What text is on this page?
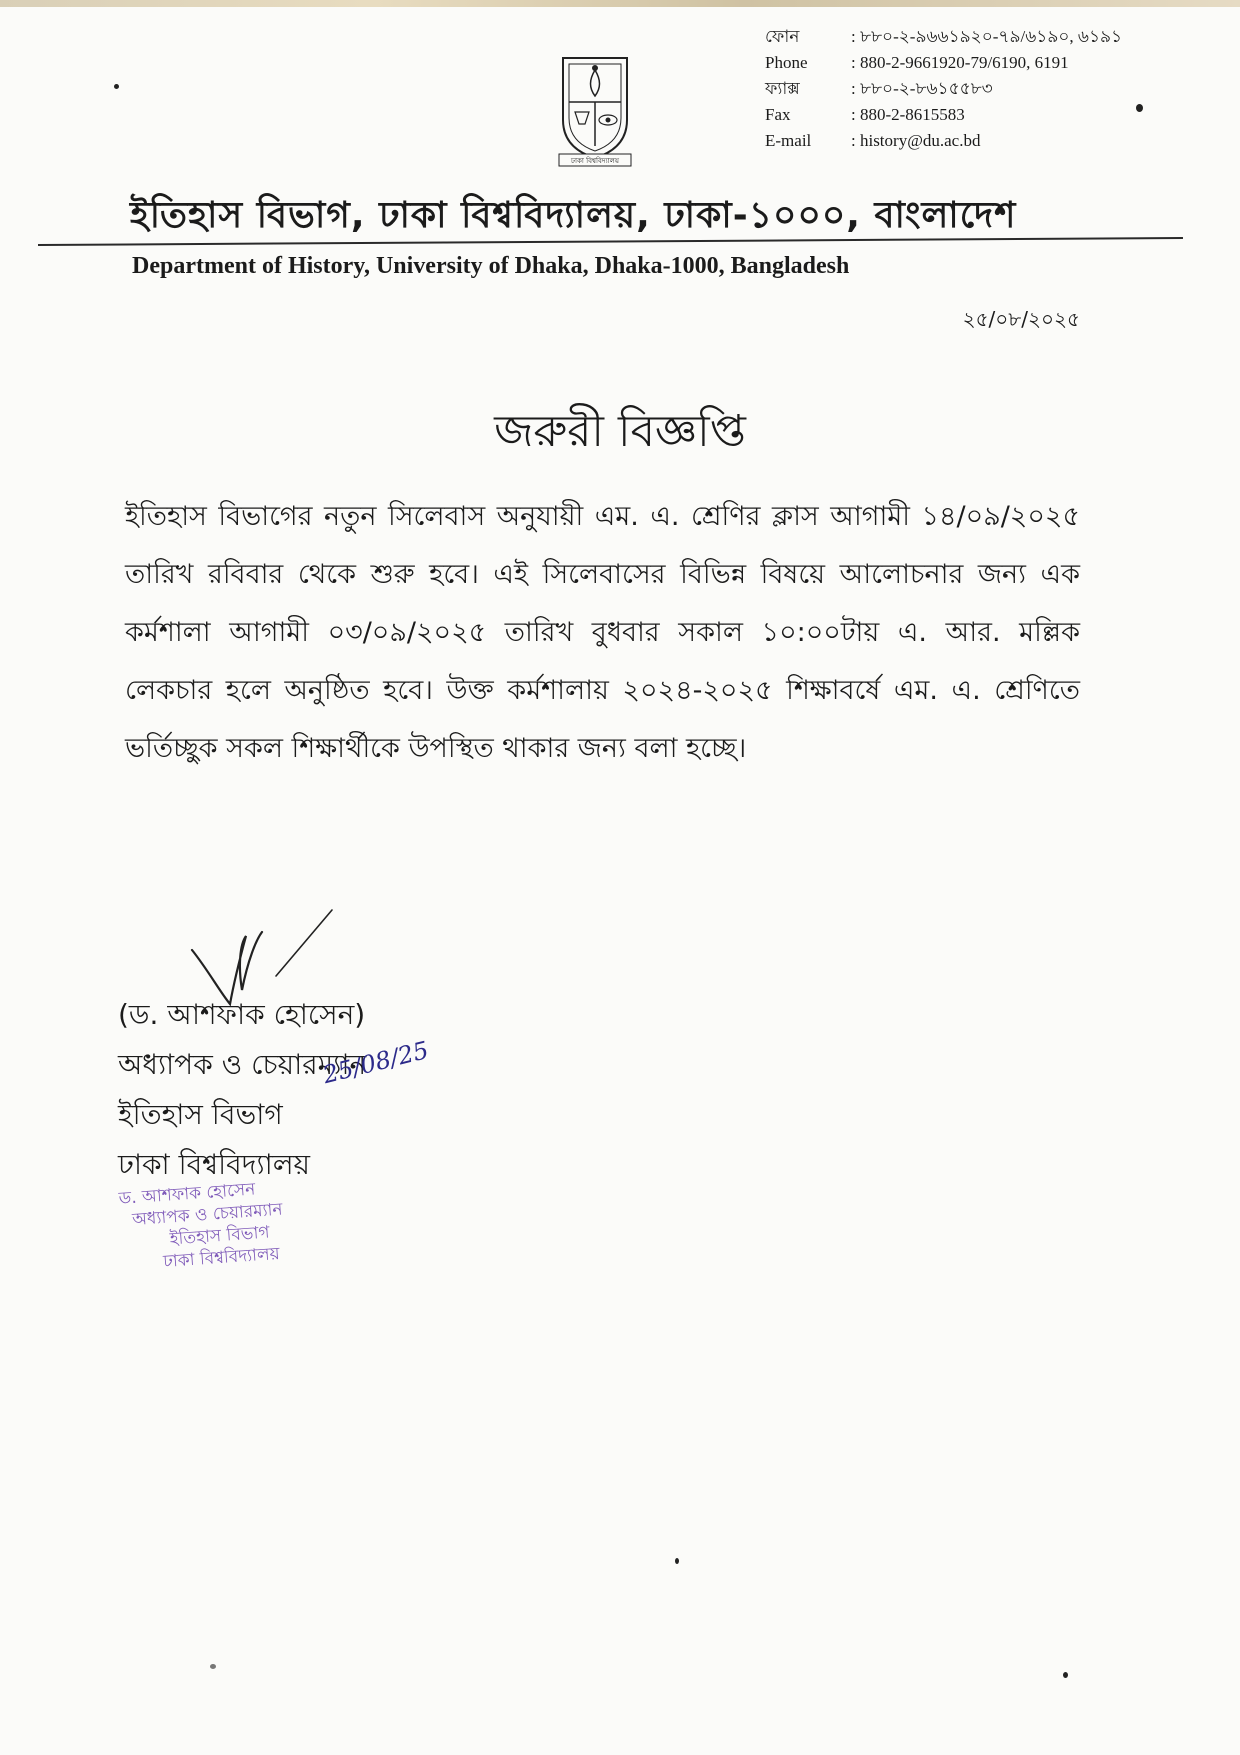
ঢাকা বিশ্ববিদ্যালয়
ফোন	: ৮৮০-২-৯৬৬১৯২০-৭৯/৬১৯০, ৬১৯১
Phone	: 880-2-9661920-79/6190, 6191
ফ্যাক্স	: ৮৮০-২-৮৬১৫৫৮৩
Fax	: 880-2-8615583
E-mail	: history@du.ac.bd
ইতিহাস বিভাগ, ঢাকা বিশ্ববিদ্যালয়, ঢাকা-১০০০, বাংলাদেশ
Department of History, University of Dhaka, Dhaka-1000, Bangladesh
২৫/০৮/২০২৫
জরুরী বিজ্ঞপ্তি
ইতিহাস বিভাগের নতুন সিলেবাস অনুযায়ী এম. এ. শ্রেণির ক্লাস আগামী ১৪/০৯/২০২৫ তারিখ রবিবার থেকে শুরু হবে। এই সিলেবাসের বিভিন্ন বিষয়ে আলোচনার জন্য এক কর্মশালা আগামী ০৩/০৯/২০২৫ তারিখ বুধবার সকাল ১০:০০টায় এ. আর. মল্লিক লেকচার হলে অনুষ্ঠিত হবে। উক্ত কর্মশালায় ২০২৪-২০২৫ শিক্ষাবর্ষে এম. এ. শ্রেণিতে ভর্তিচ্ছুক সকল শিক্ষার্থীকে উপস্থিত থাকার জন্য বলা হচ্ছে।
(ড. আশফাক হোসেন)
অধ্যাপক ও চেয়ারম্যান
ইতিহাস বিভাগ
ঢাকা বিশ্ববিদ্যালয়
25/08/25
ড. আশফাক হোসেন
অধ্যাপক ও চেয়ারম্যান
ইতিহাস বিভাগ
ঢাকা বিশ্ববিদ্যালয়
